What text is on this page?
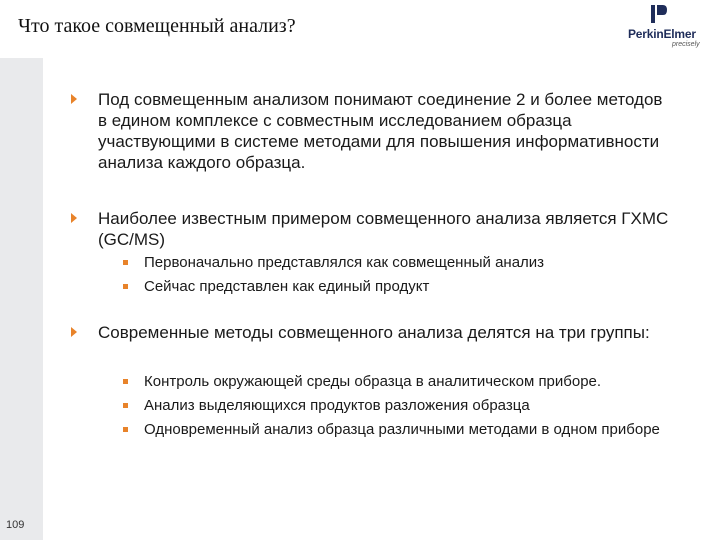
Что такое совмещенный анализ?	PerkinElmer
precisely
Под совмещенным анализом понимают соединение 2 и более методов в едином комплексе с совместным исследованием образца участвующими в системе методами для повышения информативности анализа каждого образца.
Наиболее известным примером совмещенного анализа является ГХМС (GC/MS)
Первоначально представлялся как совмещенный анализ
Сейчас представлен как единый продукт
Современные методы совмещенного анализа делятся на три группы:
Контроль окружающей среды образца в аналитическом приборе.
Анализ выделяющихся продуктов разложения образца
Одновременный анализ образца различными методами в одном приборе
109
